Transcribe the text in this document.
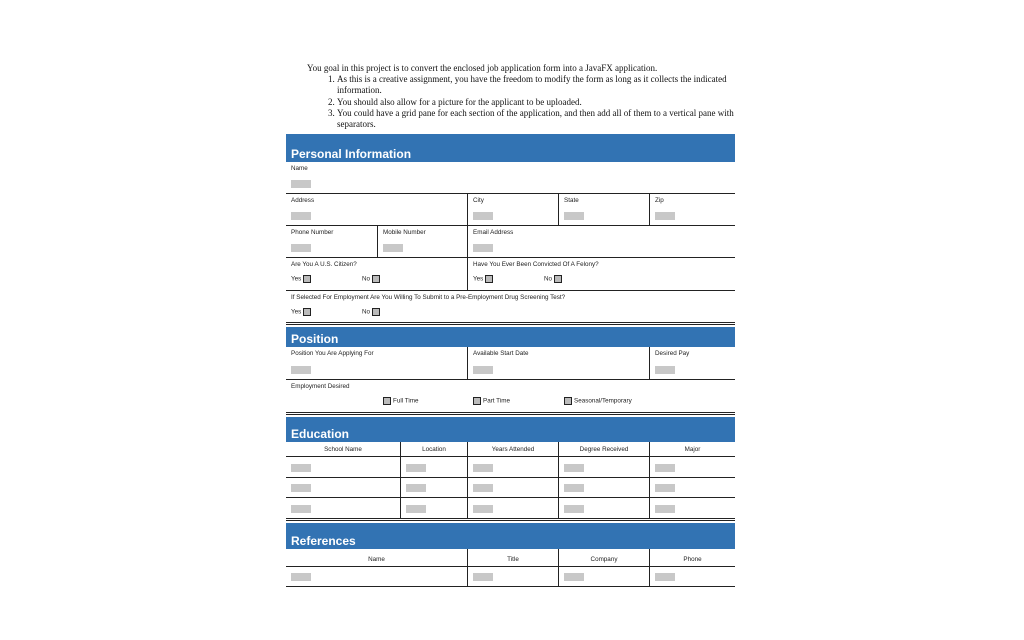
You goal in this project is to convert the enclosed job application form into a JavaFX application.

1. As this is a creative assignment, you have the freedom to modify the form as long as it collects the indicated information.
2. You should also allow for a picture for the applicant to be uploaded.
3. You could have a grid pane for each section of the application, and then add all of them to a vertical pane with separators.
Personal Information
Name
Address	City	State	Zip
Phone Number	Mobile Number	Email Address
Are You A U.S. Citizen?
Yes	No
Have You Ever Been Convicted Of A Felony?
Yes	No
If Selected For Employment Are You Willing To Submit to a Pre-Employment Drug Screening Test?
Yes	No
Position
Position You Are Applying For	Available Start Date	Desired Pay
Employment Desired
Full Time	Part Time	Seasonal/Temporary
Education
School Name	Location	Years Attended	Degree Received	Major
References
Name	Title	Company	Phone
